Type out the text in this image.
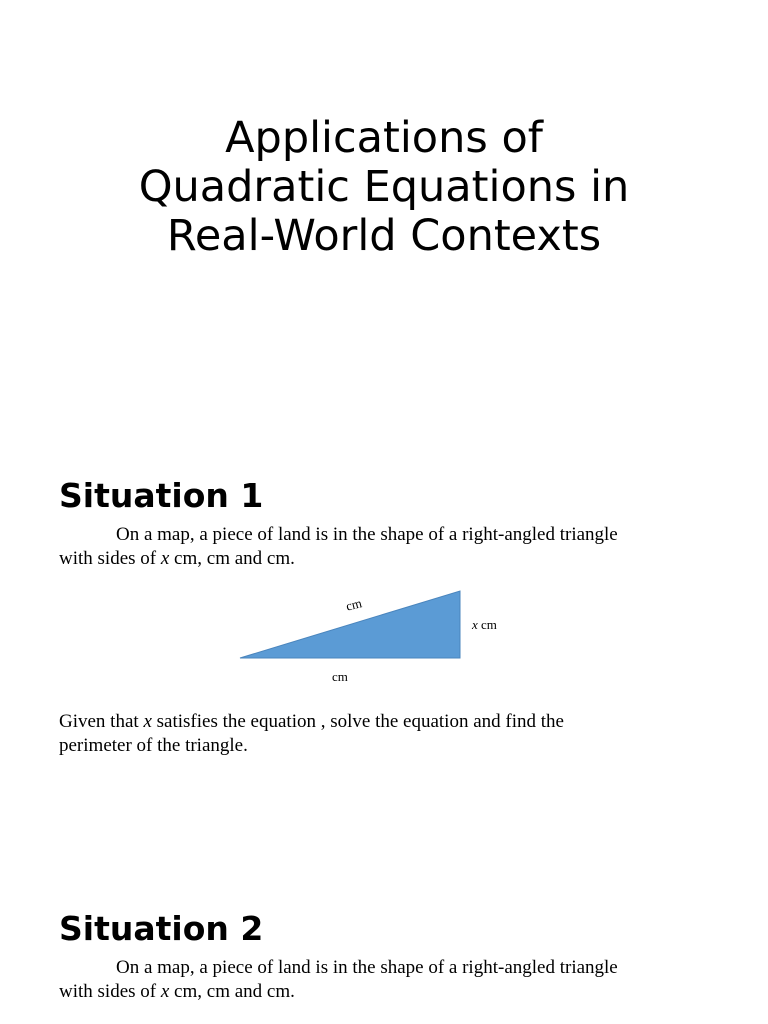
Applications of
Quadratic Equations in
Real-World Contexts
Situation 1

On a map, a piece of land is in the shape of a right-angled triangle

with sides of x cm, cm and cm.

cm
x cm
cm

Given that x satisfies the equation , solve the equation and find the

perimeter of the triangle.

Situation 2

On a map, a piece of land is in the shape of a right-angled triangle

with sides of x cm, cm and cm.
